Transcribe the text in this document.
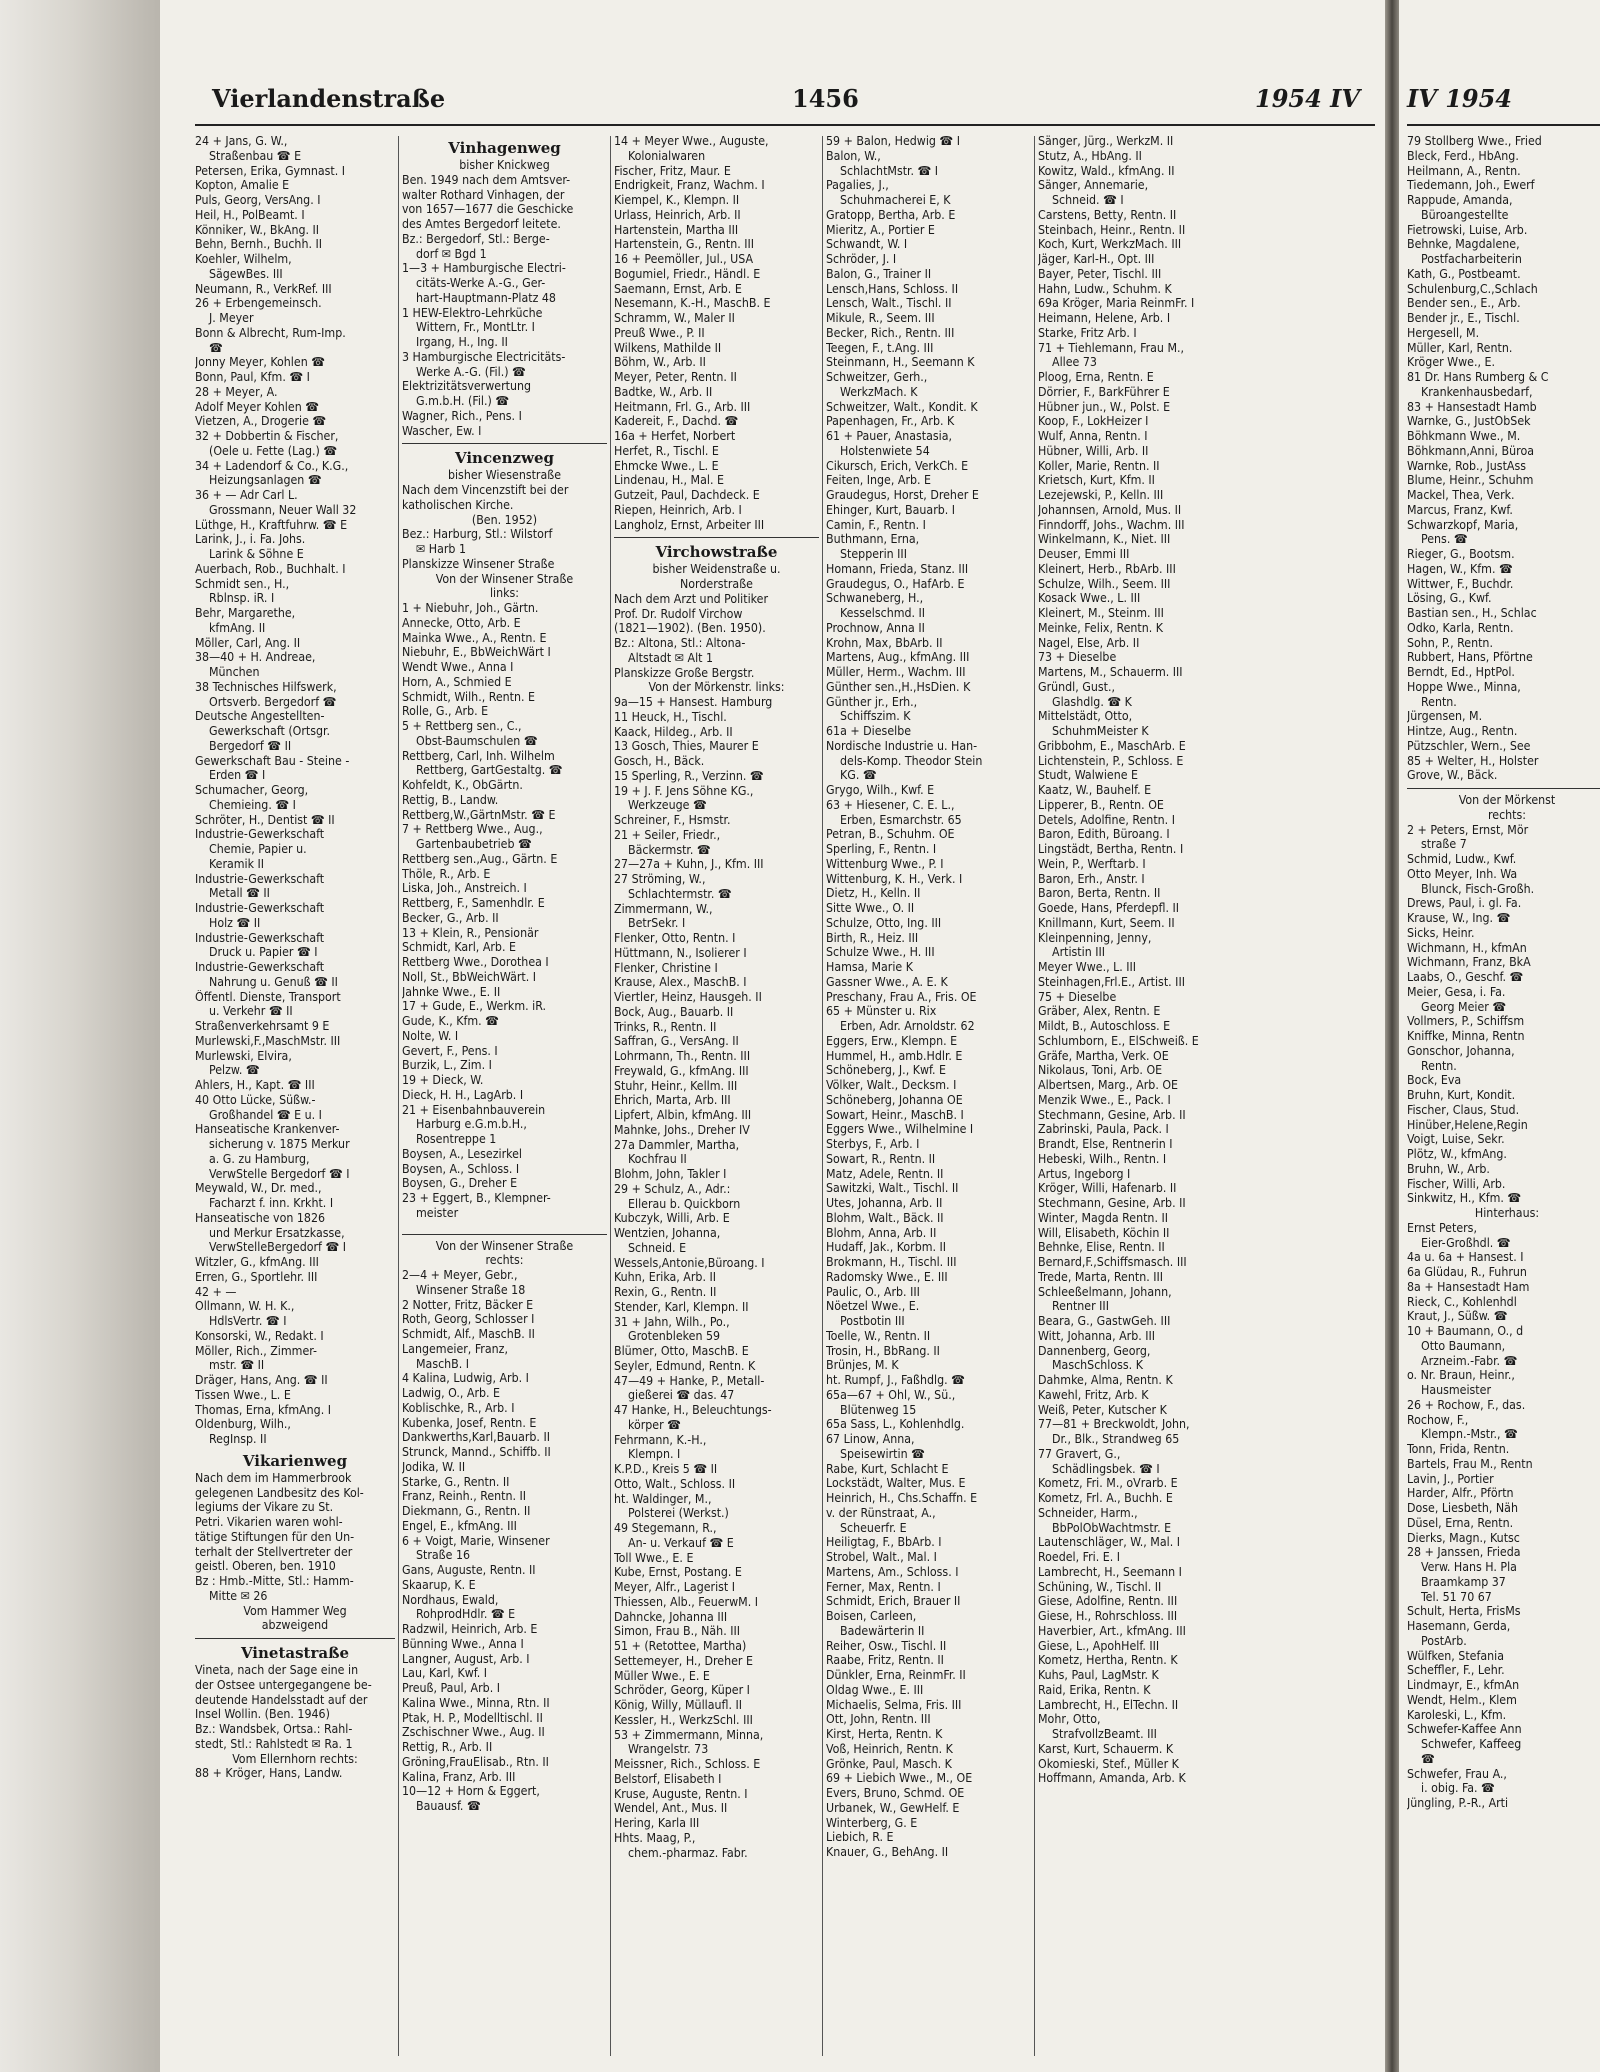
Vierlandenstraße	1456	1954 IV
24 + Jans, G. W.,
Straßenbau ☎ E
Petersen, Erika, Gymnast. I
Kopton, Amalie E
Puls, Georg, VersAng. I
Heil, H., PolBeamt. I
Könniker, W., BkAng. II
Behn, Bernh., Buchh. II
Koehler, Wilhelm,
SägewBes. III
Neumann, R., VerkRef. III
26 + Erbengemeinsch.
J. Meyer
Bonn & Albrecht, Rum-Imp.
☎
Jonny Meyer, Kohlen ☎
Bonn, Paul, Kfm. ☎ I
28 + Meyer, A.
Adolf Meyer Kohlen ☎
Vietzen, A., Drogerie ☎
32 + Dobbertin & Fischer,
(Oele u. Fette (Lag.) ☎
34 + Ladendorf & Co., K.G.,
Heizungsanlagen ☎
36 + — Adr Carl L.
Grossmann, Neuer Wall 32
Lüthge, H., Kraftfuhrw. ☎ E
Larink, J., i. Fa. Johs.
Larink & Söhne E
Auerbach, Rob., Buchhalt. I
Schmidt sen., H.,
Rblnsp. iR. I
Behr, Margarethe,
kfmAng. II
Möller, Carl, Ang. II
38—40 + H. Andreae,
München
38 Technisches Hilfswerk,
Ortsverb. Bergedorf ☎
Deutsche Angestellten-
Gewerkschaft (Ortsgr.
Bergedorf ☎ II
Gewerkschaft Bau - Steine -
Erden ☎ I
Schumacher, Georg,
Chemieing. ☎ I
Schröter, H., Dentist ☎ II
Industrie-Gewerkschaft
Chemie, Papier u.
Keramik II
Industrie-Gewerkschaft
Metall ☎ II
Industrie-Gewerkschaft
Holz ☎ II
Industrie-Gewerkschaft
Druck u. Papier ☎ I
Industrie-Gewerkschaft
Nahrung u. Genuß ☎ II
Öffentl. Dienste, Transport
u. Verkehr ☎ II
Straßenverkehrsamt 9 E
Murlewski,F.,MaschMstr. III
Murlewski, Elvira,
Pelzw. ☎
Ahlers, H., Kapt. ☎ III
40 Otto Lücke, Süßw.-
Großhandel ☎ E u. I
Hanseatische Krankenver-
sicherung v. 1875 Merkur
a. G. zu Hamburg,
VerwStelle Bergedorf ☎ I
Meywald, W., Dr. med.,
Facharzt f. inn. Krkht. I
Hanseatische von 1826
und Merkur Ersatzkasse,
VerwStelleBergedorf ☎ I
Witzler, G., kfmAng. III
Erren, G., Sportlehr. III
42 + —
Ollmann, W. H. K.,
HdlsVertr. ☎ I
Konsorski, W., Redakt. I
Möller, Rich., Zimmer-
mstr. ☎ II
Dräger, Hans, Ang. ☎ II
Tissen Wwe., L. E
Thomas, Erna, kfmAng. I
Oldenburg, Wilh.,
RegInsp. II
Vikarienweg
Nach dem im Hammerbrook
gelegenen Landbesitz des Kol-
legiums der Vikare zu St.
Petri. Vikarien waren wohl-
tätige Stiftungen für den Un-
terhalt der Stellvertreter der
geistl. Oberen, ben. 1910
Bz : Hmb.-Mitte, Stl.: Hamm-
Mitte ✉ 26
Vom Hammer Weg
abzweigend
Vinetastraße
Vineta, nach der Sage eine in
der Ostsee untergegangene be-
deutende Handelsstadt auf der
Insel Wollin. (Ben. 1946)
Bz.: Wandsbek, Ortsa.: Rahl-
stedt, Stl.: Rahlstedt ✉ Ra. 1
Vom Ellernhorn rechts:
88 + Kröger, Hans, Landw.
Vinhagenweg
bisher Knickweg
Ben. 1949 nach dem Amtsver-
walter Rothard Vinhagen, der
von 1657—1677 die Geschicke
des Amtes Bergedorf leitete.
Bz.: Bergedorf, Stl.: Berge-
dorf ✉ Bgd 1
1—3 + Hamburgische Electri-
citäts-Werke A.-G., Ger-
hart-Hauptmann-Platz 48
1 HEW-Elektro-Lehrküche
Wittern, Fr., MontLtr. I
Irgang, H., Ing. II
3 Hamburgische Electricitäts-
Werke A.-G. (Fil.) ☎
Elektrizitätsverwertung
G.m.b.H. (Fil.) ☎
Wagner, Rich., Pens. I
Wascher, Ew. I
Vincenzweg
bisher Wiesenstraße
Nach dem Vincenzstift bei der
katholischen Kirche.
(Ben. 1952)
Bez.: Harburg, Stl.: Wilstorf
✉ Harb 1
Planskizze Winsener Straße
Von der Winsener Straße
links:
1 + Niebuhr, Joh., Gärtn.
Annecke, Otto, Arb. E
Mainka Wwe., A., Rentn. E
Niebuhr, E., BbWeichWärt I
Wendt Wwe., Anna I
Horn, A., Schmied E
Schmidt, Wilh., Rentn. E
Rolle, G., Arb. E
5 + Rettberg sen., C.,
Obst-Baumschulen ☎
Rettberg, Carl, Inh. Wilhelm
Rettberg, GartGestaltg. ☎
Kohfeldt, K., ObGärtn.
Rettig, B., Landw.
Rettberg,W.,GärtnMstr. ☎ E
7 + Rettberg Wwe., Aug.,
Gartenbaubetrieb ☎
Rettberg sen.,Aug., Gärtn. E
Thöle, R., Arb. E
Liska, Joh., Anstreich. I
Rettberg, F., Samenhdlr. E
Becker, G., Arb. II
13 + Klein, R., Pensionär
Schmidt, Karl, Arb. E
Rettberg Wwe., Dorothea I
Noll, St., BbWeichWärt. I
Jahnke Wwe., E. II
17 + Gude, E., Werkm. iR.
Gude, K., Kfm. ☎
Nolte, W. I
Gevert, F., Pens. I
Burzik, L., Zim. I
19 + Dieck, W.
Dieck, H. H., LagArb. I
21 + Eisenbahnbauverein
Harburg e.G.m.b.H.,
Rosentreppe 1
Boysen, A., Lesezirkel
Boysen, A., Schloss. I
Boysen, G., Dreher E
23 + Eggert, B., Klempner-
meister
Von der Winsener Straße
rechts:
2—4 + Meyer, Gebr.,
Winsener Straße 18
2 Notter, Fritz, Bäcker E
Roth, Georg, Schlosser I
Schmidt, Alf., MaschB. II
Langemeier, Franz,
MaschB. I
4 Kalina, Ludwig, Arb. I
Ladwig, O., Arb. E
Koblischke, R., Arb. I
Kubenka, Josef, Rentn. E
Dankwerths,Karl,Bauarb. II
Strunck, Mannd., Schiffb. II
Jodika, W. II
Starke, G., Rentn. II
Franz, Reinh., Rentn. II
Diekmann, G., Rentn. II
Engel, E., kfmAng. III
6 + Voigt, Marie, Winsener
Straße 16
Gans, Auguste, Rentn. II
Skaarup, K. E
Nordhaus, Ewald,
RohprodHdlr. ☎ E
Radzwil, Heinrich, Arb. E
Bünning Wwe., Anna I
Langner, August, Arb. I
Lau, Karl, Kwf. I
Preuß, Paul, Arb. I
Kalina Wwe., Minna, Rtn. II
Ptak, H. P., Modelltischl. II
Zschischner Wwe., Aug. II
Rettig, R., Arb. II
Gröning,FrauElisab., Rtn. II
Kalina, Franz, Arb. III
10—12 + Horn & Eggert,
Bauausf. ☎
14 + Meyer Wwe., Auguste,
Kolonialwaren
Fischer, Fritz, Maur. E
Endrigkeit, Franz, Wachm. I
Kiempel, K., Klempn. II
Urlass, Heinrich, Arb. II
Hartenstein, Martha III
Hartenstein, G., Rentn. III
16 + Peemöller, Jul., USA
Bogumiel, Friedr., Händl. E
Saemann, Ernst, Arb. E
Nesemann, K.-H., MaschB. E
Schramm, W., Maler II
Preuß Wwe., P. II
Wilkens, Mathilde II
Böhm, W., Arb. II
Meyer, Peter, Rentn. II
Badtke, W., Arb. II
Heitmann, Frl. G., Arb. III
Kadereit, F., Dachd. ☎
16a + Herfet, Norbert
Herfet, R., Tischl. E
Ehmcke Wwe., L. E
Lindenau, H., Mal. E
Gutzeit, Paul, Dachdeck. E
Riepen, Heinrich, Arb. I
Langholz, Ernst, Arbeiter III
Virchowstraße
bisher Weidenstraße u.
Norderstraße
Nach dem Arzt und Politiker
Prof. Dr. Rudolf Virchow
(1821—1902). (Ben. 1950).
Bz.: Altona, Stl.: Altona-
Altstadt ✉ Alt 1
Planskizze Große Bergstr.
Von der Mörkenstr. links:
9a—15 + Hansest. Hamburg
11 Heuck, H., Tischl.
Kaack, Hildeg., Arb. II
13 Gosch, Thies, Maurer E
Gosch, H., Bäck.
15 Sperling, R., Verzinn. ☎
19 + J. F. Jens Söhne KG.,
Werkzeuge ☎
Schreiner, F., Hsmstr.
21 + Seiler, Friedr.,
Bäckermstr. ☎
27—27a + Kuhn, J., Kfm. III
27 Ströming, W.,
Schlachtermstr. ☎
Zimmermann, W.,
BetrSekr. I
Flenker, Otto, Rentn. I
Hüttmann, N., Isolierer I
Flenker, Christine I
Krause, Alex., MaschB. I
Viertler, Heinz, Hausgeh. II
Bock, Aug., Bauarb. II
Trinks, R., Rentn. II
Saffran, G., VersAng. II
Lohrmann, Th., Rentn. III
Freywald, G., kfmAng. III
Stuhr, Heinr., Kellm. III
Ehrich, Marta, Arb. III
Lipfert, Albin, kfmAng. III
Mahnke, Johs., Dreher IV
27a Dammler, Martha,
Kochfrau II
Blohm, John, Takler I
29 + Schulz, A., Adr.:
Ellerau b. Quickborn
Kubczyk, Willi, Arb. E
Wentzien, Johanna,
Schneid. E
Wessels,Antonie,Büroang. I
Kuhn, Erika, Arb. II
Rexin, G., Rentn. II
Stender, Karl, Klempn. II
31 + Jahn, Wilh., Po.,
Grotenbleken 59
Blümer, Otto, MaschB. E
Seyler, Edmund, Rentn. K
47—49 + Hanke, P., Metall-
gießerei ☎ das. 47
47 Hanke, H., Beleuchtungs-
körper ☎
Fehrmann, K.-H.,
Klempn. I
K.P.D., Kreis 5 ☎ II
Otto, Walt., Schloss. II
ht. Waldinger, M.,
Polsterei (Werkst.)
49 Stegemann, R.,
An- u. Verkauf ☎ E
Toll Wwe., E. E
Kube, Ernst, Postang. E
Meyer, Alfr., Lagerist I
Thiessen, Alb., FeuerwM. I
Dahncke, Johanna III
Simon, Frau B., Näh. III
51 + (Retottee, Martha)
Settemeyer, H., Dreher E
Müller Wwe., E. E
Schröder, Georg, Küper I
König, Willy, Müllaufl. II
Kessler, H., WerkzSchl. III
53 + Zimmermann, Minna,
Wrangelstr. 73
Meissner, Rich., Schloss. E
Belstorf, Elisabeth I
Kruse, Auguste, Rentn. I
Wendel, Ant., Mus. II
Hering, Karla III
Hhts. Maag, P.,
chem.-pharmaz. Fabr.
59 + Balon, Hedwig ☎ I
Balon, W.,
SchlachtMstr. ☎ I
Pagalies, J.,
Schuhmacherei E, K
Gratopp, Bertha, Arb. E
Mieritz, A., Portier E
Schwandt, W. I
Schröder, J. I
Balon, G., Trainer II
Lensch,Hans, Schloss. II
Lensch, Walt., Tischl. II
Mikule, R., Seem. III
Becker, Rich., Rentn. III
Teegen, F., t.Ang. III
Steinmann, H., Seemann K
Schweitzer, Gerh.,
WerkzMach. K
Schweitzer, Walt., Kondit. K
Papenhagen, Fr., Arb. K
61 + Pauer, Anastasia,
Holstenwiete 54
Cikursch, Erich, VerkCh. E
Feiten, Inge, Arb. E
Graudegus, Horst, Dreher E
Ehinger, Kurt, Bauarb. I
Camin, F., Rentn. I
Buthmann, Erna,
Stepperin III
Homann, Frieda, Stanz. III
Graudegus, O., HafArb. E
Schwaneberg, H.,
Kesselschmd. II
Prochnow, Anna II
Krohn, Max, BbArb. II
Martens, Aug., kfmAng. III
Müller, Herm., Wachm. III
Günther sen.,H.,HsDien. K
Günther jr., Erh.,
Schiffszim. K
61a + Dieselbe
Nordische Industrie u. Han-
dels-Komp. Theodor Stein
KG. ☎
Grygo, Wilh., Kwf. E
63 + Hiesener, C. E. L.,
Erben, Esmarchstr. 65
Petran, B., Schuhm. OE
Sperling, F., Rentn. I
Wittenburg Wwe., P. I
Wittenburg, K. H., Verk. I
Dietz, H., Kelln. II
Sitte Wwe., O. II
Schulze, Otto, Ing. III
Birth, R., Heiz. III
Schulze Wwe., H. III
Hamsa, Marie K
Gassner Wwe., A. E. K
Preschany, Frau A., Fris. OE
65 + Münster u. Rix
Erben, Adr. Arnoldstr. 62
Eggers, Erw., Klempn. E
Hummel, H., amb.Hdlr. E
Schöneberg, J., Kwf. E
Völker, Walt., Decksm. I
Schöneberg, Johanna OE
Sowart, Heinr., MaschB. I
Eggers Wwe., Wilhelmine I
Sterbys, F., Arb. I
Sowart, R., Rentn. II
Matz, Adele, Rentn. II
Sawitzki, Walt., Tischl. II
Utes, Johanna, Arb. II
Blohm, Walt., Bäck. II
Blohm, Anna, Arb. II
Hudaff, Jak., Korbm. II
Brokmann, H., Tischl. III
Radomsky Wwe., E. III
Paulic, O., Arb. III
Nöetzel Wwe., E.
Postbotin III
Toelle, W., Rentn. II
Trosin, H., BbRang. II
Brünjes, M. K
ht. Rumpf, J., Faßhdlg. ☎
65a—67 + Ohl, W., Sü.,
Blütenweg 15
65a Sass, L., Kohlenhdlg.
67 Linow, Anna,
Speisewirtin ☎
Rabe, Kurt, Schlacht E
Lockstädt, Walter, Mus. E
Heinrich, H., Chs.Schaffn. E
v. der Rünstraat, A.,
Scheuerfr. E
Heiligtag, F., BbArb. I
Strobel, Walt., Mal. I
Martens, Am., Schloss. I
Ferner, Max, Rentn. I
Schmidt, Erich, Brauer II
Boisen, Carleen,
Badewärterin II
Reiher, Osw., Tischl. II
Raabe, Fritz, Rentn. II
Dünkler, Erna, ReinmFr. II
Oldag Wwe., E. III
Michaelis, Selma, Fris. III
Ott, John, Rentn. III
Kirst, Herta, Rentn. K
Voß, Heinrich, Rentn. K
Grönke, Paul, Masch. K
69 + Liebich Wwe., M., OE
Evers, Bruno, Schmd. OE
Urbanek, W., GewHelf. E
Winterberg, G. E
Liebich, R. E
Knauer, G., BehAng. II
Sänger, Jürg., WerkzM. II
Stutz, A., HbAng. II
Kowitz, Wald., kfmAng. II
Sänger, Annemarie,
Schneid. ☎ I
Carstens, Betty, Rentn. II
Steinbach, Heinr., Rentn. II
Koch, Kurt, WerkzMach. III
Jäger, Karl-H., Opt. III
Bayer, Peter, Tischl. III
Hahn, Ludw., Schuhm. K
69a Kröger, Maria ReinmFr. I
Heimann, Helene, Arb. I
Starke, Fritz Arb. I
71 + Tiehlemann, Frau M.,
Allee 73
Ploog, Erna, Rentn. E
Dörrier, F., BarkFührer E
Hübner jun., W., Polst. E
Koop, F., LokHeizer I
Wulf, Anna, Rentn. I
Hübner, Willi, Arb. II
Koller, Marie, Rentn. II
Krietsch, Kurt, Kfm. II
Lezejewski, P., Kelln. III
Johannsen, Arnold, Mus. II
Finndorff, Johs., Wachm. III
Winkelmann, K., Niet. III
Deuser, Emmi III
Kleinert, Herb., RbArb. III
Schulze, Wilh., Seem. III
Kosack Wwe., L. III
Kleinert, M., Steinm. III
Meinke, Felix, Rentn. K
Nagel, Else, Arb. II
73 + Dieselbe
Martens, M., Schauerm. III
Gründl, Gust.,
Glashdlg. ☎ K
Mittelstädt, Otto,
SchuhmMeister K
Gribbohm, E., MaschArb. E
Lichtenstein, P., Schloss. E
Studt, Walwiene E
Kaatz, W., Bauhelf. E
Lipperer, B., Rentn. OE
Detels, Adolfine, Rentn. I
Baron, Edith, Büroang. I
Lingstädt, Bertha, Rentn. I
Wein, P., Werftarb. I
Baron, Erh., Anstr. I
Baron, Berta, Rentn. II
Goede, Hans, Pferdepfl. II
Knillmann, Kurt, Seem. II
Kleinpenning, Jenny,
Artistin III
Meyer Wwe., L. III
Steinhagen,Frl.E., Artist. III
75 + Dieselbe
Gräber, Alex, Rentn. E
Mildt, B., Autoschloss. E
Schlumborn, E., ElSchweiß. E
Gräfe, Martha, Verk. OE
Nikolaus, Toni, Arb. OE
Albertsen, Marg., Arb. OE
Menzik Wwe., E., Pack. I
Stechmann, Gesine, Arb. II
Zabrinski, Paula, Pack. I
Brandt, Else, Rentnerin I
Hebeski, Wilh., Rentn. I
Artus, Ingeborg I
Kröger, Willi, Hafenarb. II
Stechmann, Gesine, Arb. II
Winter, Magda Rentn. II
Will, Elisabeth, Köchin II
Behnke, Elise, Rentn. II
Bernard,F.,Schiffsmasch. III
Trede, Marta, Rentn. III
Schleeßelmann, Johann,
Rentner III
Beara, G., GastwGeh. III
Witt, Johanna, Arb. III
Dannenberg, Georg,
MaschSchloss. K
Dahmke, Alma, Rentn. K
Kawehl, Fritz, Arb. K
Weiß, Peter, Kutscher K
77—81 + Breckwoldt, John,
Dr., Blk., Strandweg 65
77 Gravert, G.,
Schädlingsbek. ☎ I
Kometz, Fri. M., oVrarb. E
Kometz, Frl. A., Buchh. E
Schneider, Harm.,
BbPolObWachtmstr. E
Lautenschläger, W., Mal. I
Roedel, Fri. E. I
Lambrecht, H., Seemann I
Schüning, W., Tischl. II
Giese, Adolfine, Rentn. III
Giese, H., Rohrschloss. III
Haverbier, Art., kfmAng. III
Giese, L., ApohHelf. III
Kometz, Hertha, Rentn. K
Kuhs, Paul, LagMstr. K
Raid, Erika, Rentn. K
Lambrecht, H., ElTechn. II
Mohr, Otto,
StrafvollzBeamt. III
Karst, Kurt, Schauerm. K
Okomieski, Stef., Müller K
Hoffmann, Amanda, Arb. K
IV 1954
79 Stollberg Wwe., Fried
Bleck, Ferd., HbAng.
Heilmann, A., Rentn.
Tiedemann, Joh., Ewerf
Rappude, Amanda,
Büroangestellte
Fietrowski, Luise, Arb.
Behnke, Magdalene,
Postfacharbeiterin
Kath, G., Postbeamt.
Schulenburg,C.,Schlach
Bender sen., E., Arb.
Bender jr., E., Tischl.
Hergesell, M.
Müller, Karl, Rentn.
Kröger Wwe., E.
81 Dr. Hans Rumberg & C
Krankenhausbedarf,
83 + Hansestadt Hamb
Warnke, G., JustObSek
Böhkmann Wwe., M.
Böhkmann,Anni, Büroa
Warnke, Rob., JustAss
Blume, Heinr., Schuhm
Mackel, Thea, Verk.
Marcus, Franz, Kwf.
Schwarzkopf, Maria,
Pens. ☎
Rieger, G., Bootsm.
Hagen, W., Kfm. ☎
Wittwer, F., Buchdr.
Lösing, G., Kwf.
Bastian sen., H., Schlac
Odko, Karla, Rentn.
Sohn, P., Rentn.
Rubbert, Hans, Pförtne
Berndt, Ed., HptPol.
Hoppe Wwe., Minna,
Rentn.
Jürgensen, M.
Hintze, Aug., Rentn.
Pützschler, Wern., See
85 + Welter, H., Holster
Grove, W., Bäck.
Von der Mörkenst
rechts:
2 + Peters, Ernst, Mör
straße 7
Schmid, Ludw., Kwf.
Otto Meyer, Inh. Wa
Blunck, Fisch-Großh.
Drews, Paul, i. gl. Fa.
Krause, W., Ing. ☎
Sicks, Heinr.
Wichmann, H., kfmAn
Wichmann, Franz, BkA
Laabs, O., Geschf. ☎
Meier, Gesa, i. Fa.
Georg Meier ☎
Vollmers, P., Schiffsm
Kniffke, Minna, Rentn
Gonschor, Johanna,
Rentn.
Bock, Eva
Bruhn, Kurt, Kondit.
Fischer, Claus, Stud.
Hinüber,Helene,Regin
Voigt, Luise, Sekr.
Plötz, W., kfmAng.
Bruhn, W., Arb.
Fischer, Willi, Arb.
Sinkwitz, H., Kfm. ☎
Hinterhaus:
Ernst Peters,
Eier-Großhdl. ☎
4a u. 6a + Hansest. I
6a Glüdau, R., Fuhrun
8a + Hansestadt Ham
Rieck, C., Kohlenhdl
Kraut, J., Süßw. ☎
10 + Baumann, O., d
Otto Baumann,
Arzneim.-Fabr. ☎
o. Nr. Braun, Heinr.,
Hausmeister
26 + Rochow, F., das.
Rochow, F.,
Klempn.-Mstr., ☎
Tonn, Frida, Rentn.
Bartels, Frau M., Rentn
Lavin, J., Portier
Harder, Alfr., Pförtn
Dose, Liesbeth, Näh
Düsel, Erna, Rentn.
Dierks, Magn., Kutsc
28 + Janssen, Frieda
Verw. Hans H. Pla
Braamkamp 37
Tel. 51 70 67
Schult, Herta, FrisMs
Hasemann, Gerda,
PostArb.
Wülfken, Stefania
Scheffler, F., Lehr.
Lindmayr, E., kfmAn
Wendt, Helm., Klem
Karoleski, L., Kfm.
Schwefer-Kaffee Ann
Schwefer, Kaffeeg
☎
Schwefer, Frau A.,
i. obig. Fa. ☎
Jüngling, P.-R., Arti
